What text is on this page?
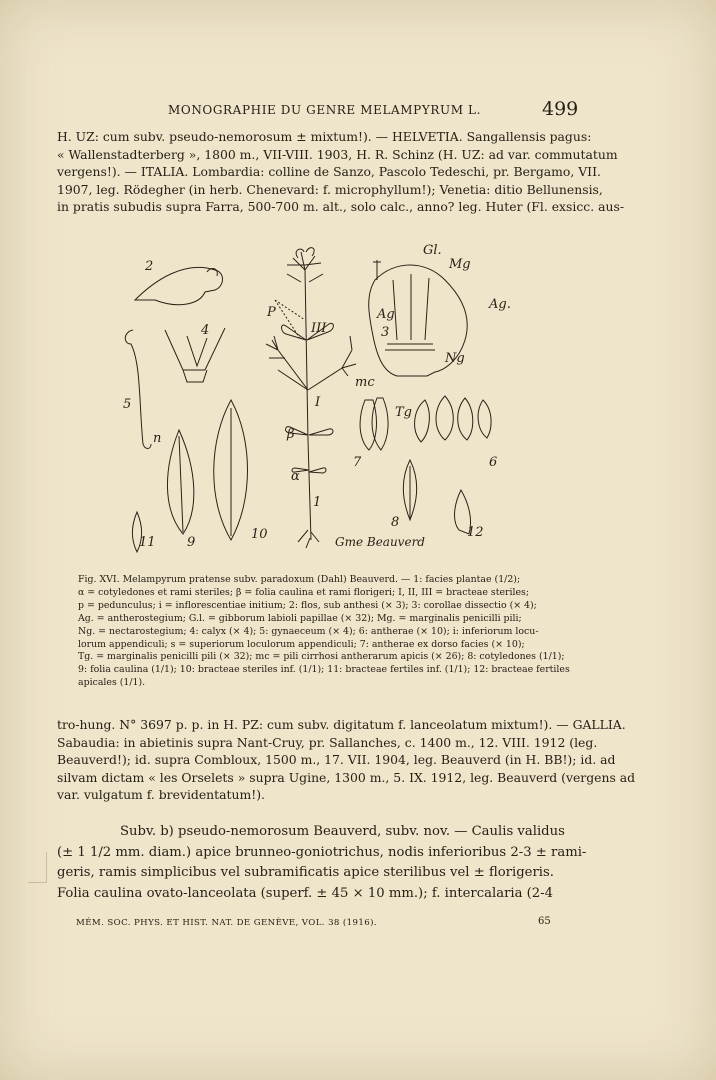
MONOGRAPHIE DU GENRE MELAMPYRUM L.	499
H. UZ: cum subv. pseudo-nemorosum ± mixtum!). — HELVETIA. Sangallensis pagus:
« Wallenstadterberg », 1800 m., VII-VIII. 1903, H. R. Schinz (H. UZ: ad var. commutatum
vergens!). — ITALIA. Lombardia: colline de Sanzo, Pascolo Tedeschi, pr. Bergamo, VII.
1907, leg. Rödegher (in herb. Chenevard: f. microphyllum!); Venetia: ditio Bellunensis,
in pratis subudis supra Farra, 500-700 m. alt., solo calc., anno? leg. Huter (Fl. exsicc. aus-
2
4
5
P
III
I
β
α
1
3
Gl.
Mg
Ag.
Ag
Ng
mc
Tg
7	6
8
9
10
11
12
n
Gme Beauverd
Fig. XVI. Melampyrum pratense subv. paradoxum (Dahl) Beauverd. — 1: facies plantae (1/2);
α = cotyledones et rami steriles; β = folia caulina et rami florigeri; I, II, III = bracteae steriles;
p = pedunculus; i = inflorescentiae initium; 2: flos, sub anthesi (× 3); 3: corollae dissectio (× 4);
Ag. = antherostegium; G.l. = gibborum labioli papillae (× 32); Mg. = marginalis penicilli pili;
Ng. = nectarostegium; 4: calyx (× 4); 5: gynaeceum (× 4); 6: antherae (× 10); i: inferiorum locu-
lorum appendiculi; s = superiorum loculorum appendiculi; 7: antherae ex dorso facies (× 10);
Tg. = marginalis penicilli pili (× 32); mc = pili cirrhosi antherarum apicis (× 26); 8: cotyledones (1/1);
9: folia caulina (1/1); 10: bracteae steriles inf. (1/1); 11: bracteae fertiles inf. (1/1); 12: bracteae fertiles
apicales (1/1).
tro-hung. N° 3697 p. p. in H. PZ: cum subv. digitatum f. lanceolatum mixtum!). — GALLIA.
Sabaudia: in abietinis supra Nant-Cruy, pr. Sallanches, c. 1400 m., 12. VIII. 1912 (leg.
Beauverd!); id. supra Combloux, 1500 m., 17. VII. 1904, leg. Beauverd (in H. BB!); id. ad
silvam dictam « les Orselets » supra Ugine, 1300 m., 5. IX. 1912, leg. Beauverd (vergens ad
var. vulgatum f. brevidentatum!).
Subv. b) pseudo-nemorosum Beauverd, subv. nov. — Caulis validus
(± 1 1/2 mm. diam.) apice brunneo-goniotrichus, nodis inferioribus 2-3 ± rami-
geris, ramis simplicibus vel subramificatis apice sterilibus vel ± florigeris.
Folia caulina ovato-lanceolata (superf. ± 45 × 10 mm.); f. intercalaria (2-4
MÉM. SOC. PHYS. ET HIST. NAT. DE GENÈVE, VOL. 38 (1916).	65
